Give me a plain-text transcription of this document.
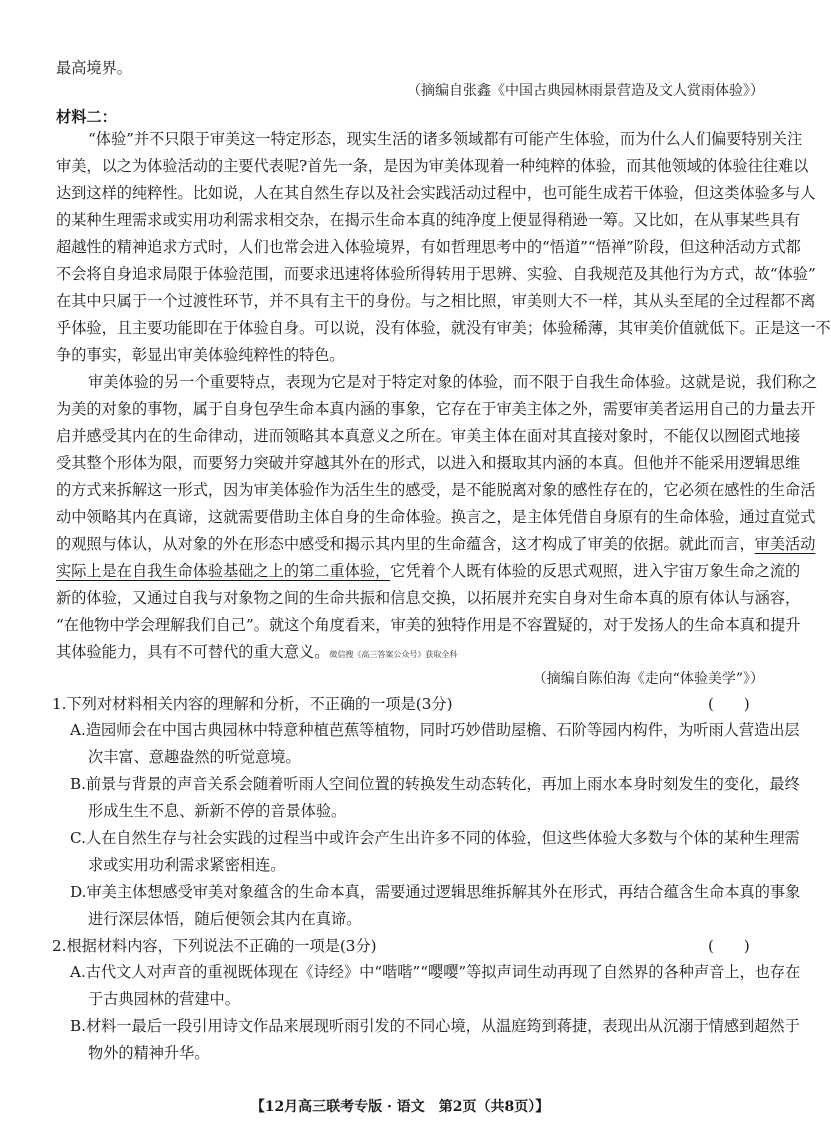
最高境界。
（摘编自张鑫《中国古典园林雨景营造及文人赏雨体验》）
材料二：
“体验”并不只限于审美这一特定形态，现实生活的诸多领域都有可能产生体验，而为什么人们偏要特别关注
审美，以之为体验活动的主要代表呢?首先一条，是因为审美体现着一种纯粹的体验，而其他领域的体验往往难以
达到这样的纯粹性。比如说，人在其自然生存以及社会实践活动过程中，也可能生成若干体验，但这类体验多与人
的某种生理需求或实用功利需求相交杂，在揭示生命本真的纯净度上便显得稍逊一筹。又比如，在从事某些具有
超越性的精神追求方式时，人们也常会进入体验境界，有如哲理思考中的“悟道”“悟禅”阶段，但这种活动方式都
不会将自身追求局限于体验范围，而要求迅速将体验所得转用于思辨、实验、自我规范及其他行为方式，故“体验”
在其中只属于一个过渡性环节，并不具有主干的身份。与之相比照，审美则大不一样，其从头至尾的全过程都不离
乎体验，且主要功能即在于体验自身。可以说，没有体验，就没有审美；体验稀薄，其审美价值就低下。正是这一不
争的事实，彰显出审美体验纯粹性的特色。
审美体验的另一个重要特点，表现为它是对于特定对象的体验，而不限于自我生命体验。这就是说，我们称之
为美的对象的事物，属于自身包孕生命本真内涵的事象，它存在于审美主体之外，需要审美者运用自己的力量去开
启并感受其内在的生命律动，进而领略其本真意义之所在。审美主体在面对其直接对象时，不能仅以囫囵式地接
受其整个形体为限，而要努力突破并穿越其外在的形式，以进入和摄取其内涵的本真。但他并不能采用逻辑思维
的方式来拆解这一形式，因为审美体验作为活生生的感受，是不能脱离对象的感性存在的，它必须在感性的生命活
动中领略其内在真谛，这就需要借助主体自身的生命体验。换言之，是主体凭借自身原有的生命体验，通过直觉式
的观照与体认，从对象的外在形态中感受和揭示其内里的生命蕴含，这才构成了审美的依据。就此而言，审美活动
实际上是在自我生命体验基础之上的第二重体验，它凭着个人既有体验的反思式观照，进入宇宙万象生命之流的
新的体验，又通过自我与对象物之间的生命共振和信息交换，以拓展并充实自身对生命本真的原有体认与涵容，
“在他物中学会理解我们自己”。就这个角度看来，审美的独特作用是不容置疑的，对于发扬人的生命本真和提升
其体验能力，具有不可替代的重大意义。微信搜《高三答案公众号》获取全科
（摘编自陈伯海《走向“体验美学”》）
1.下列对材料相关内容的理解和分析，不正确的一项是(3分)	(　　)
A.造园师会在中国古典园林中特意种植芭蕉等植物，同时巧妙借助屋檐、石阶等园内构件，为听雨人营造出层
次丰富、意趣盎然的听觉意境。
B.前景与背景的声音关系会随着听雨人空间位置的转换发生动态转化，再加上雨水本身时刻发生的变化，最终
形成生生不息、新新不停的音景体验。
C.人在自然生存与社会实践的过程当中或许会产生出许多不同的体验，但这些体验大多数与个体的某种生理需
求或实用功利需求紧密相连。
D.审美主体想感受审美对象蕴含的生命本真，需要通过逻辑思维拆解其外在形式，再结合蕴含生命本真的事象
进行深层体悟，随后便领会其内在真谛。
2.根据材料内容，下列说法不正确的一项是(3分)	(　　)
A.古代文人对声音的重视既体现在《诗经》中“喈喈”“嘤嘤”等拟声词生动再现了自然界的各种声音上，也存在
于古典园林的营建中。
B.材料一最后一段引用诗文作品来展现听雨引发的不同心境，从温庭筠到蒋捷，表现出从沉溺于情感到超然于
物外的精神升华。
【12月高三联考专版 · 语文　第2页（共8页）】
